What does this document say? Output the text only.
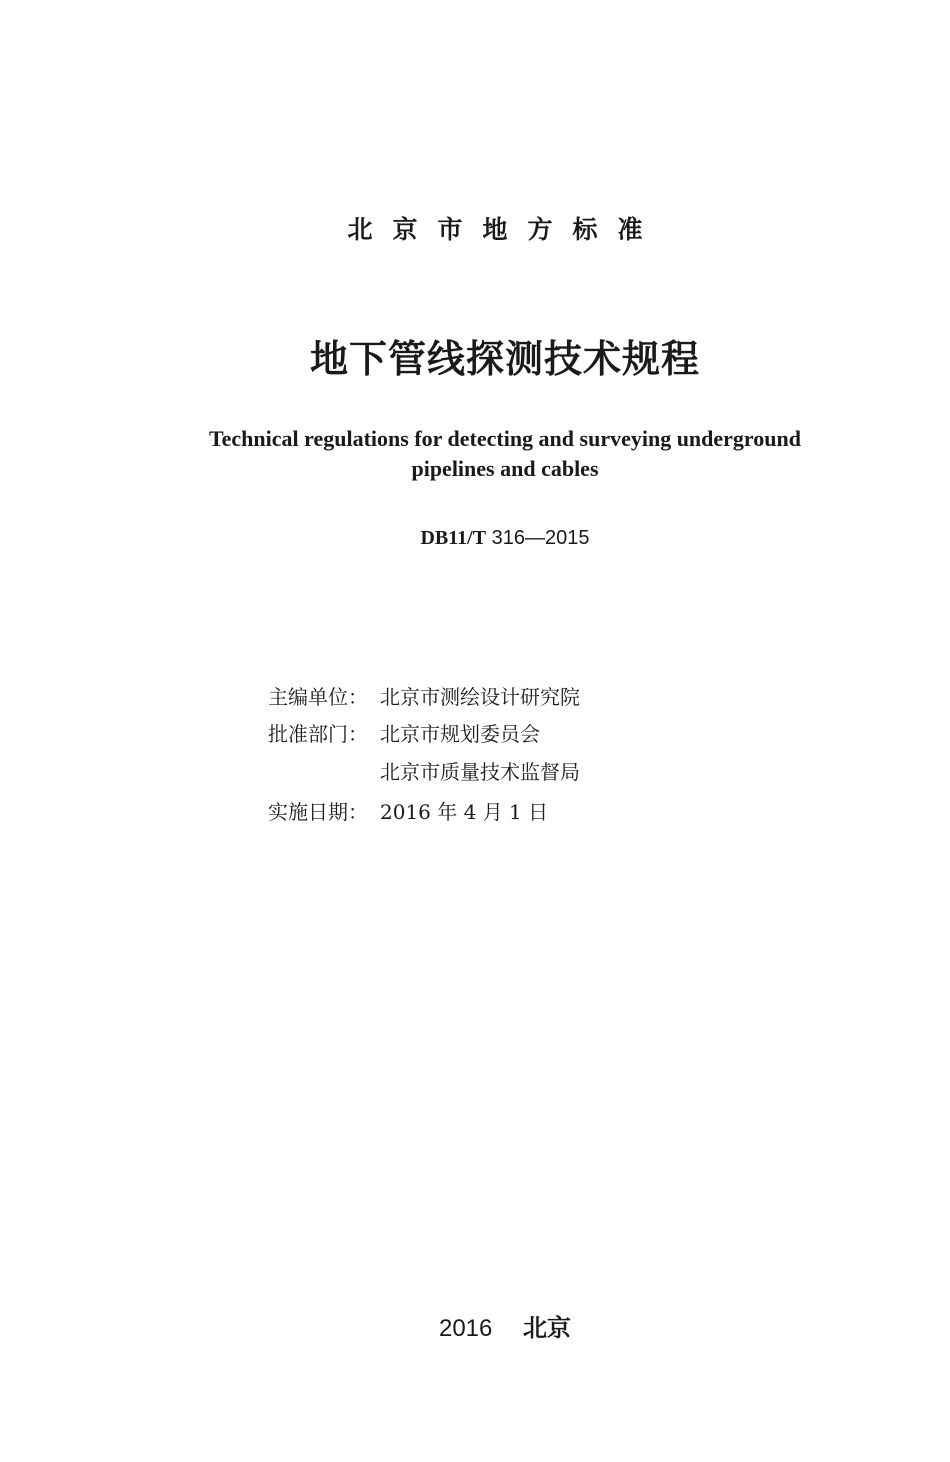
北京市地方标准
地下管线探测技术规程
Technical regulations for detecting and surveying underground
pipelines and cables
DB11/T 316—2015
主编单位： 北京市测绘设计研究院
批准部门： 北京市规划委员会
北京市质量技术监督局
实施日期： 2016 年 4 月 1 日
2016 北京
